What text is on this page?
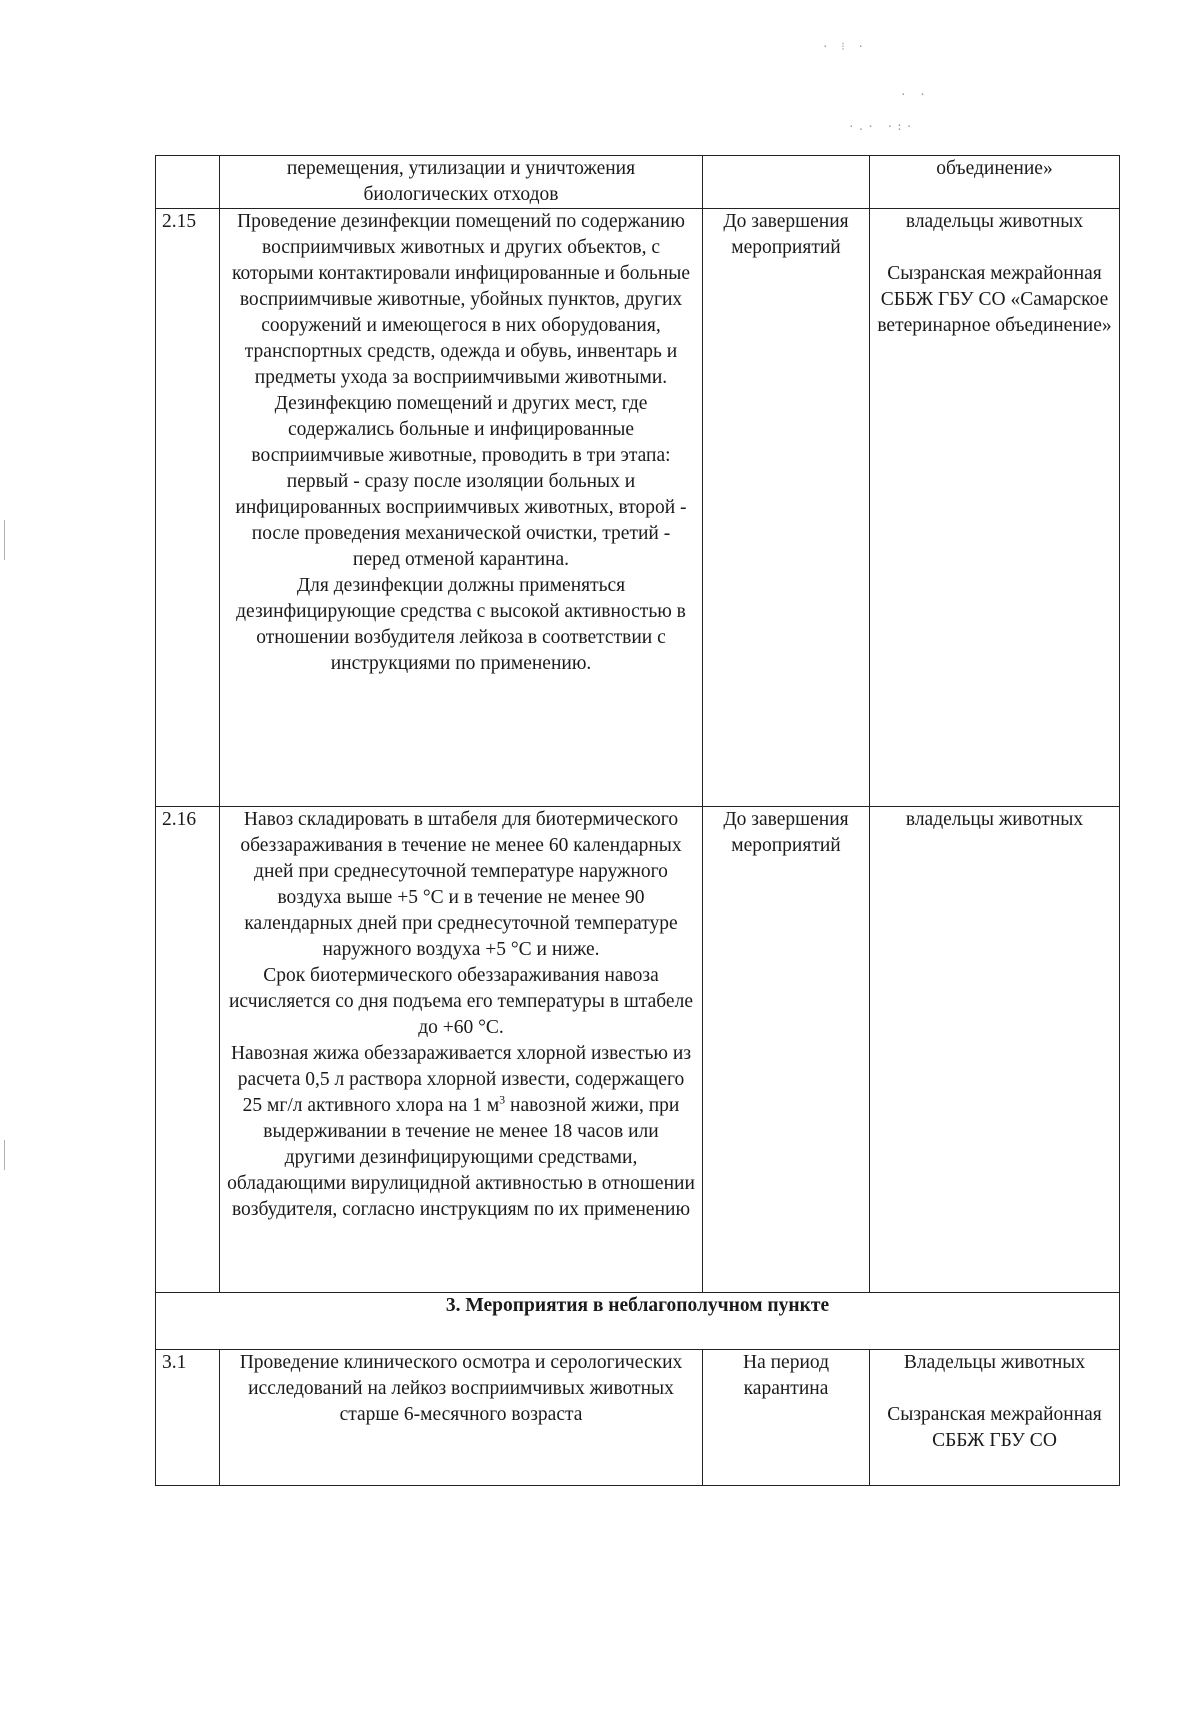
· ⁝ ·
· ·
·.· ·:·
	перемещения, утилизации и уничтожения биологических отходов		объединение»
2.15	Проведение дезинфекции помещений по содержанию восприимчивых животных и других объектов, с которыми контактировали инфицированные и больные восприимчивые животные, убойных пунктов, других сооружений и имеющегося в них оборудования, транспортных средств, одежда и обувь, инвентарь и предметы ухода за восприимчивыми животными.
Дезинфекцию помещений и других мест, где содержались больные и инфицированные восприимчивые животные, проводить в три этапа: первый - сразу после изоляции больных и инфицированных восприимчивых животных, второй - после проведения механической очистки, третий - перед отменой карантина.
Для дезинфекции должны применяться дезинфицирующие средства с высокой активностью в отношении возбудителя лейкоза в соответствии с инструкциями по применению.	До завершения мероприятий	владельцы животных
Сызранская межрайонная СББЖ ГБУ СО «Самарское ветеринарное объединение»

2.16	Навоз складировать в штабеля для биотермического обеззараживания в течение не менее 60 календарных дней при среднесуточной температуре наружного воздуха выше +5 °С и в течение не менее 90 календарных дней при среднесуточной температуре наружного воздуха +5 °С и ниже.
Срок биотермического обеззараживания навоза исчисляется со дня подъема его температуры в штабеле до +60 °С.
Навозная жижа обеззараживается хлорной известью из расчета 0,5 л раствора хлорной извести, содержащего 25 мг/л активного хлора на 1 $м^3$ навозной жижи, при выдерживании в течение не менее 18 часов или другими дезинфицирующими средствами, обладающими вирулицидной активностью в отношении возбудителя, согласно инструкциям по их применению	До завершения мероприятий	владельцы животных
3. Мероприятия в неблагополучном пункте			
3.1	Проведение клинического осмотра и серологических исследований на лейкоз восприимчивых животных старше 6-месячного возраста	На период карантина	Владельцы животных
Сызранская межрайонная СББЖ ГБУ СО
